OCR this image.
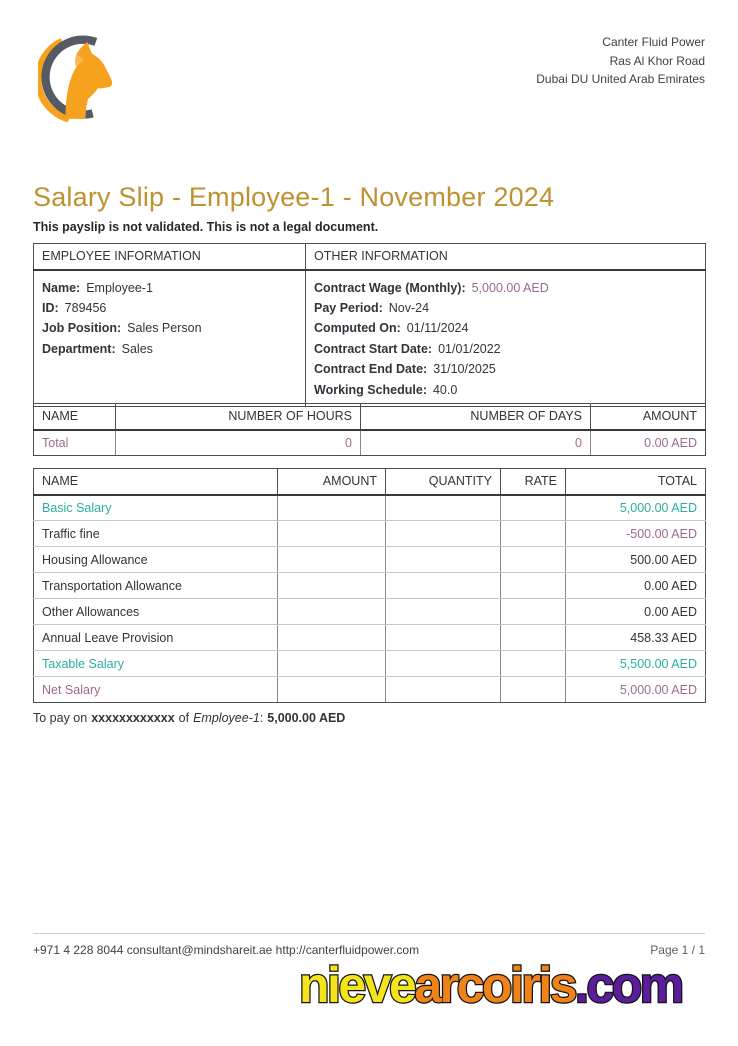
Canter Fluid Power
Ras Al Khor Road
Dubai DU United Arab Emirates
Salary Slip - Employee-1 - November 2024
This payslip is not validated. This is not a legal document.
EMPLOYEE INFORMATION	OTHER INFORMATION

Name: Employee-1
ID: 789456
Job Position: Sales Person
Department: Sales

Contract Wage (Monthly): 5,000.00 AED
Pay Period: Nov-24
Computed On: 01/11/2024
Contract Start Date: 01/01/2022
Contract End Date: 31/10/2025
Working Schedule: 40.0
NAME	NUMBER OF HOURS	NUMBER OF DAYS	AMOUNT
Total	0	0	0.00 AED
NAME	AMOUNT	QUANTITY	RATE	TOTAL
Basic Salary				5,000.00 AED
Traffic fine				-500.00 AED
Housing Allowance				500.00 AED
Transportation Allowance				0.00 AED
Other Allowances				0.00 AED
Annual Leave Provision				458.33 AED
Taxable Salary				5,500.00 AED
Net Salary				5,000.00 AED
To pay on xxxxxxxxxxxx of Employee-1: 5,000.00 AED
+971 4 228 8044 consultant@mindshareit.ae http://canterfluidpower.com	Page 1 / 1
nievearcoiris.com
